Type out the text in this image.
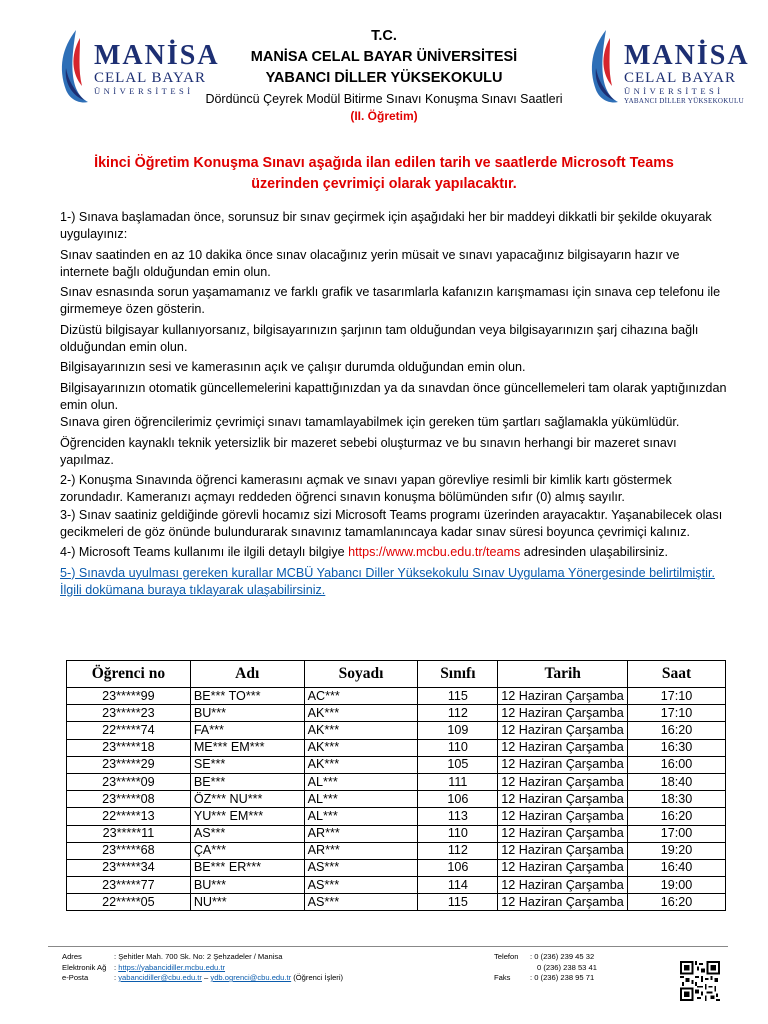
MANİSA
CELAL BAYAR
ÜNİVERSİTESİ
MANİSA
CELAL BAYAR
ÜNİVERSİTESİ
YABANCI DİLLER YÜKSEKOKULU
T.C.
MANİSA CELAL BAYAR ÜNİVERSİTESİ
YABANCI DİLLER YÜKSEKOKULU
Dördüncü Çeyrek Modül Bitirme Sınavı Konuşma Sınavı Saatleri
(II. Öğretim)
İkinci Öğretim Konuşma Sınavı aşağıda ilan edilen tarih ve saatlerde Microsoft Teams üzerinden çevrimiçi olarak yapılacaktır.

1-) Sınava başlamadan önce, sorunsuz bir sınav geçirmek için aşağıdaki her bir maddeyi dikkatli bir şekilde okuyarak uygulayınız:

Sınav saatinden en az 10 dakika önce sınav olacağınız yerin müsait ve sınavı yapacağınız bilgisayarın hazır ve internete bağlı olduğundan emin olun.

Sınav esnasında sorun yaşamamanız ve farklı grafik ve tasarımlarla kafanızın karışmaması için sınava cep telefonu ile girmemeye özen gösterin.

Dizüstü bilgisayar kullanıyorsanız, bilgisayarınızın şarjının tam olduğundan veya bilgisayarınızın şarj cihazına bağlı olduğundan emin olun.

Bilgisayarınızın sesi ve kamerasının açık ve çalışır durumda olduğundan emin olun.

Bilgisayarınızın otomatik güncellemelerini kapattığınızdan ya da sınavdan önce güncellemeleri tam olarak yaptığınızdan emin olun.

Sınava giren öğrencilerimiz çevrimiçi sınavı tamamlayabilmek için gereken tüm şartları sağlamakla yükümlüdür.

Öğrenciden kaynaklı teknik yetersizlik bir mazeret sebebi oluşturmaz ve bu sınavın herhangi bir mazeret sınavı yapılmaz.

2-) Konuşma Sınavında öğrenci kamerasını açmak ve sınavı yapan görevliye resimli bir kimlik kartı göstermek zorundadır. Kameranızı açmayı reddeden öğrenci sınavın konuşma bölümünden sıfır (0) almış sayılır.

3-) Sınav saatiniz geldiğinde görevli hocamız sizi Microsoft Teams programı üzerinden arayacaktır. Yaşanabilecek olası gecikmeleri de göz önünde bulundurarak sınavınız tamamlanıncaya kadar sınav süresi boyunca çevrimiçi kalınız.

4-) Microsoft Teams kullanımı ile ilgili detaylı bilgiye https://www.mcbu.edu.tr/teams adresinden ulaşabilirsiniz.

5-) Sınavda uyulması gereken kurallar MCBÜ Yabancı Diller Yüksekokulu Sınav Uygulama Yönergesinde belirtilmiştir. İlgili dokümana buraya tıklayarak ulaşabilirsiniz.

Öğrenci no	Adı	Soyadı	Sınıfı	Tarih	Saat
23*****99	BE*** TO***	AC***	115	12 Haziran Çarşamba	17:10
23*****23	BU***	AK***	112	12 Haziran Çarşamba	17:10
22*****74	FA***	AK***	109	12 Haziran Çarşamba	16:20
23*****18	ME*** EM***	AK***	110	12 Haziran Çarşamba	16:30
23*****29	SE***	AK***	105	12 Haziran Çarşamba	16:00
23*****09	BE***	AL***	111	12 Haziran Çarşamba	18:40
23*****08	ÖZ*** NU***	AL***	106	12 Haziran Çarşamba	18:30
22*****13	YU*** EM***	AL***	113	12 Haziran Çarşamba	16:20
23*****11	AS***	AR***	110	12 Haziran Çarşamba	17:00
23*****68	ÇA***	AR***	112	12 Haziran Çarşamba	19:20
23*****34	BE*** ER***	AS***	106	12 Haziran Çarşamba	16:40
23*****77	BU***	AS***	114	12 Haziran Çarşamba	19:00
22*****05	NU***	AS***	115	12 Haziran Çarşamba	16:20
Adres	: Şehitler Mah. 700 Sk. No: 2 Şehzadeler / Manisa
Elektronik Ağ : https://yabancidiller.mcbu.edu.tr
e-Posta	: yabancidiller@cbu.edu.tr – ydb.ogrenci@cbu.edu.tr (Öğrenci İşleri)
Telefon : 0 (236) 239 45 32
0 (236) 238 53 41
Faks	: 0 (236) 238 95 71
